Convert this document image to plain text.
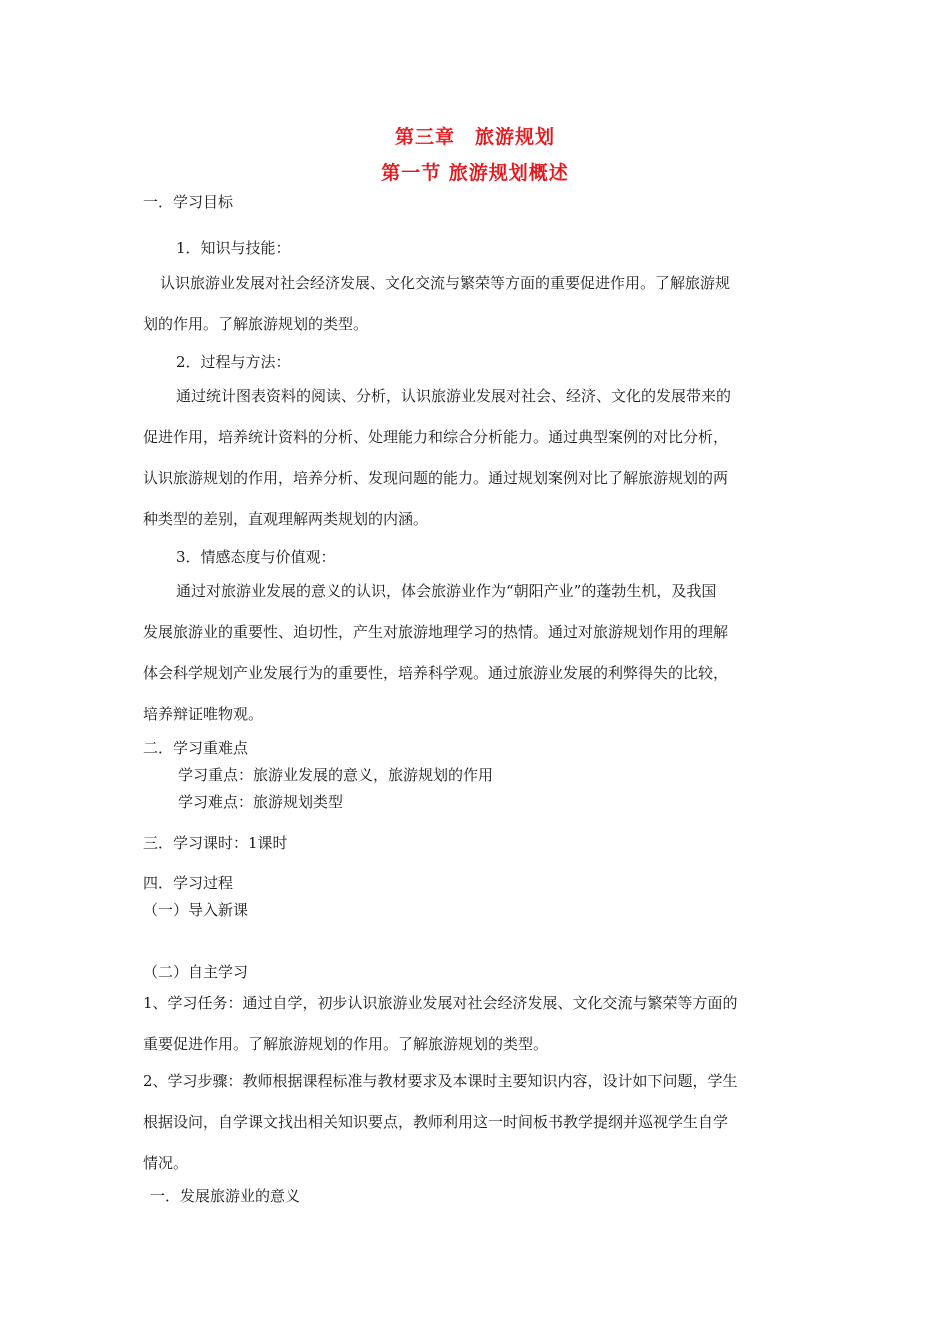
第三章　旅游规划
第一节 旅游规划概述
一．学习目标
1．知识与技能：
认识旅游业发展对社会经济发展、文化交流与繁荣等方面的重要促进作用。了解旅游规
划的作用。了解旅游规划的类型。
2．过程与方法：
通过统计图表资料的阅读、分析，认识旅游业发展对社会、经济、文化的发展带来的
促进作用，培养统计资料的分析、处理能力和综合分析能力。通过典型案例的对比分析，
认识旅游规划的作用，培养分析、发现问题的能力。通过规划案例对比了解旅游规划的两
种类型的差别，直观理解两类规划的内涵。
3．情感态度与价值观：
通过对旅游业发展的意义的认识，体会旅游业作为“朝阳产业”的蓬勃生机，及我国
发展旅游业的重要性、迫切性，产生对旅游地理学习的热情。通过对旅游规划作用的理解
体会科学规划产业发展行为的重要性，培养科学观。通过旅游业发展的利弊得失的比较，
培养辩证唯物观。
二．学习重难点
学习重点：旅游业发展的意义，旅游规划的作用
学习难点：旅游规划类型
三．学习课时：1课时
四．学习过程
（一）导入新课
（二）自主学习
1、学习任务：通过自学，初步认识旅游业发展对社会经济发展、文化交流与繁荣等方面的
重要促进作用。了解旅游规划的作用。了解旅游规划的类型。
2、学习步骤：教师根据课程标准与教材要求及本课时主要知识内容，设计如下问题，学生
根据设问，自学课文找出相关知识要点，教师利用这一时间板书教学提纲并巡视学生自学
情况。
一．发展旅游业的意义
